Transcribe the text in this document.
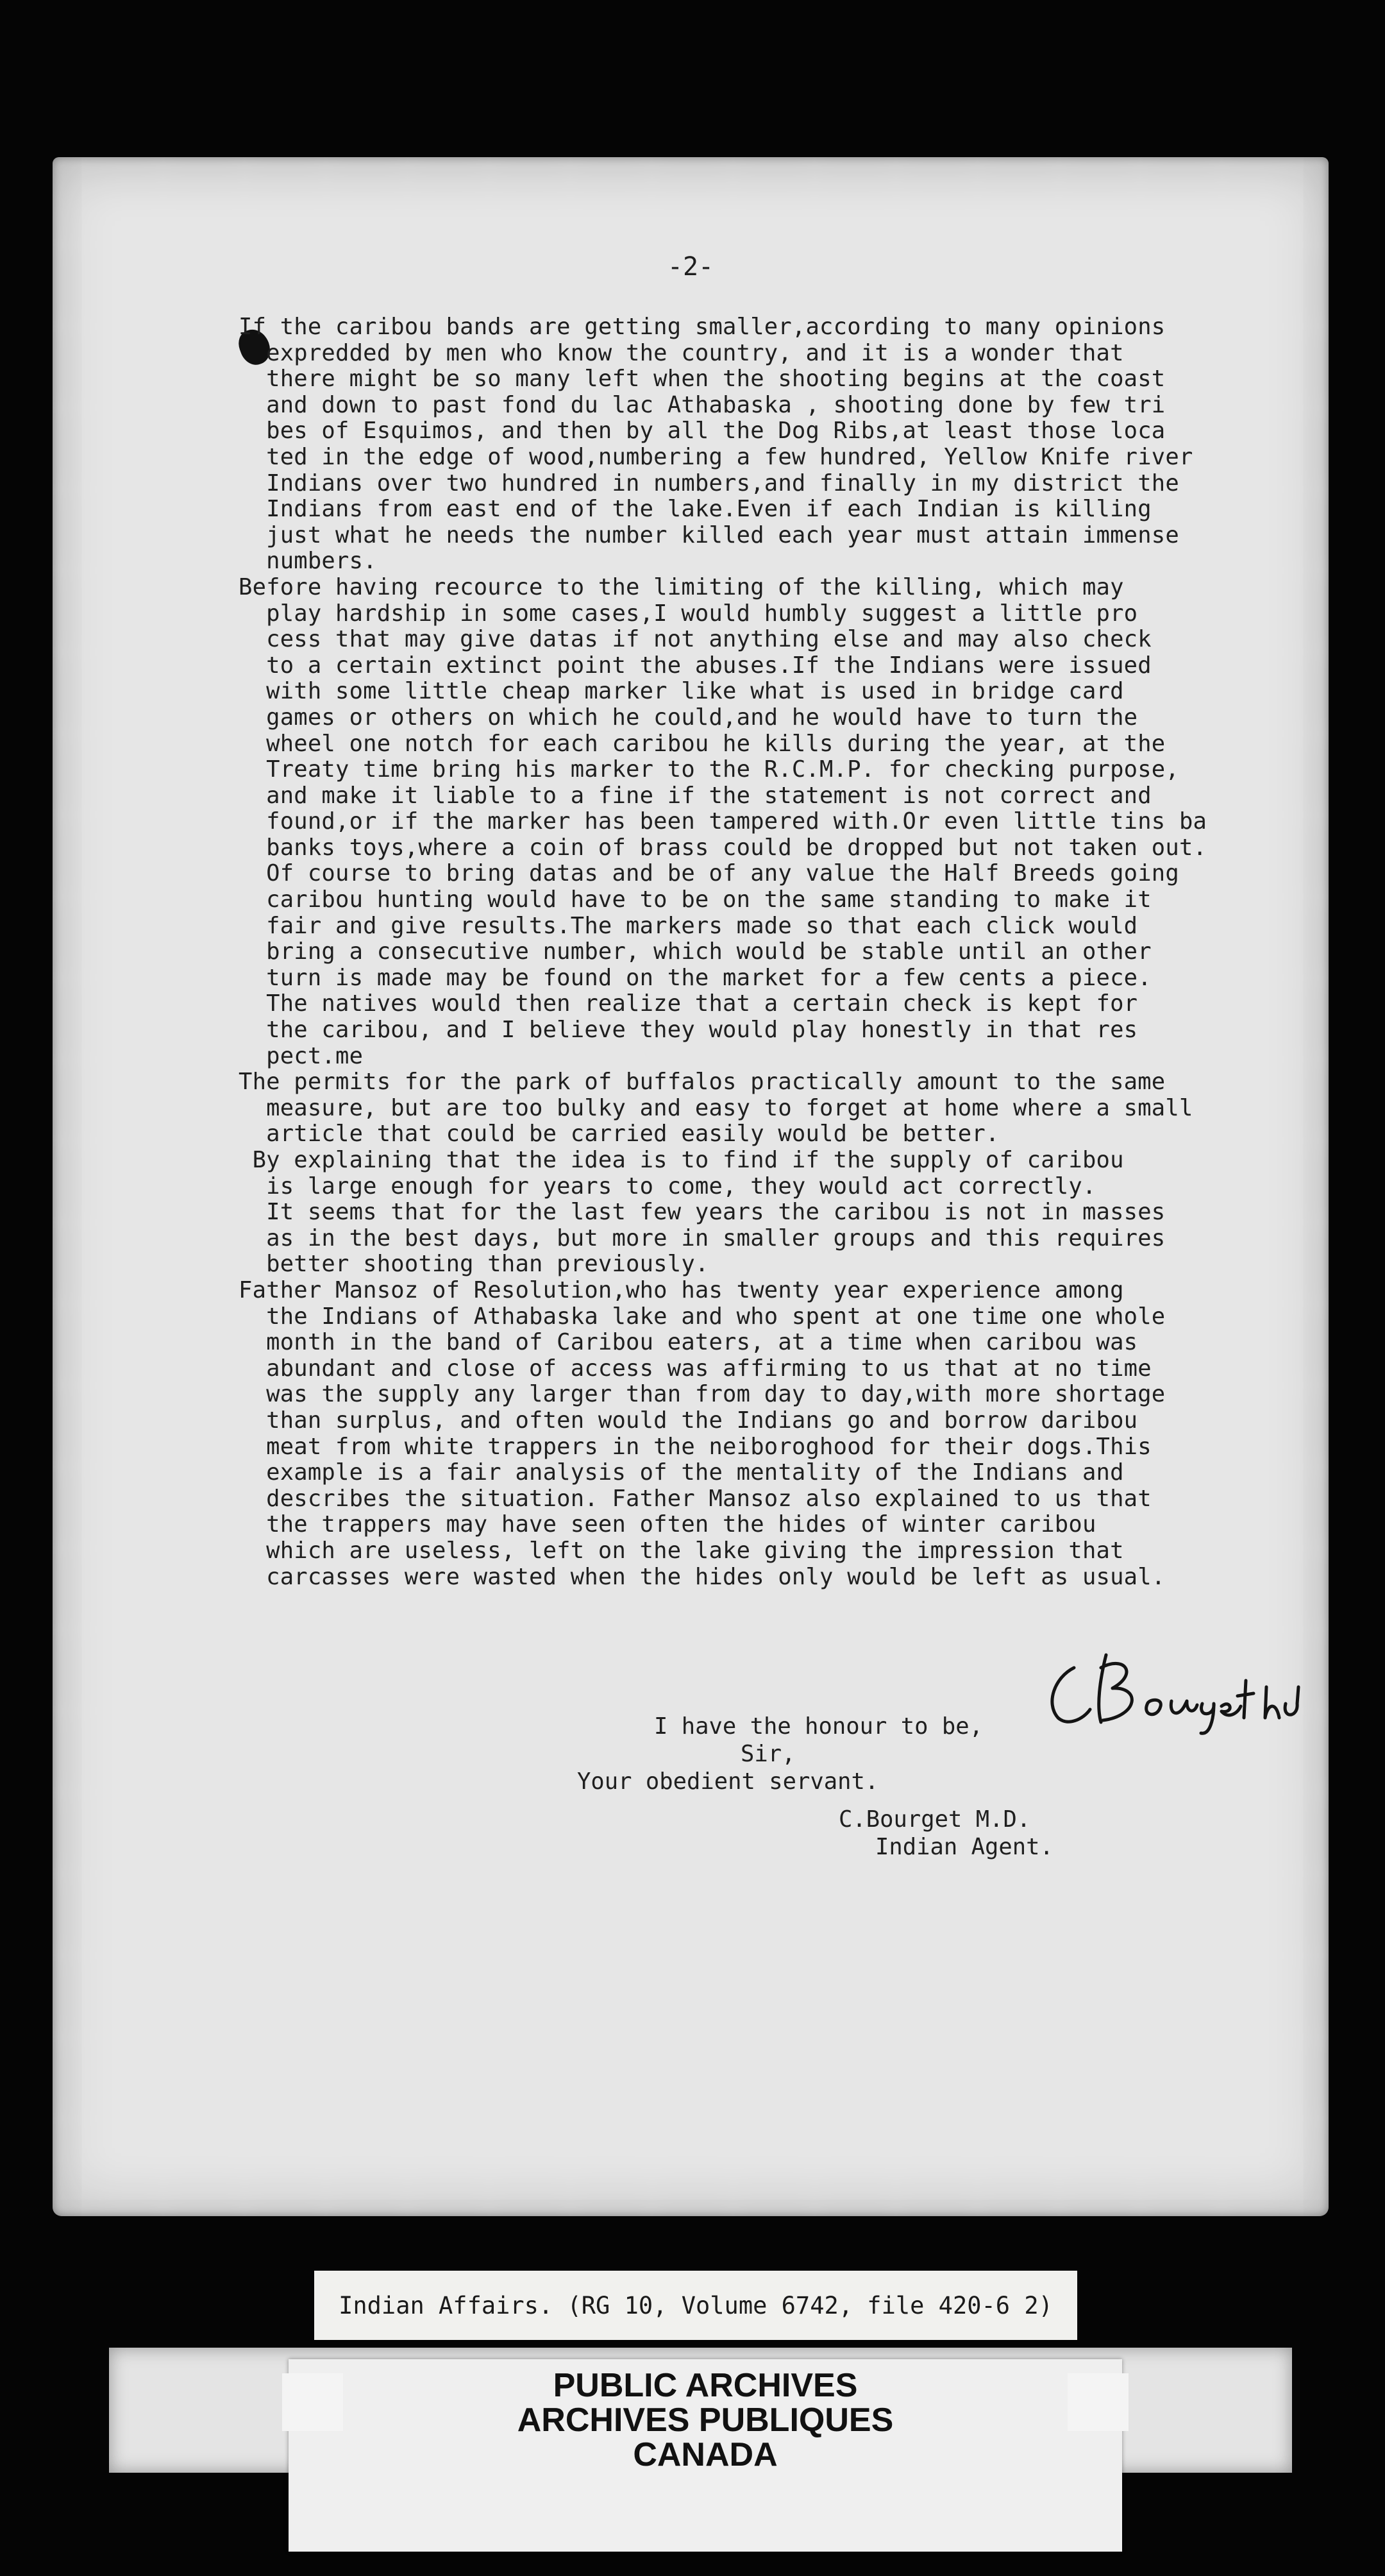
-2-

If the caribou bands are getting smaller,according to many opinions

expredded by men who know the country, and it is a wonder that

there might be so many left when the shooting begins at the coast

and down to past fond du lac Athabaska , shooting done by few tri

bes of Esquimos, and then by all the Dog Ribs,at least those loca

ted in the edge of wood,numbering a few hundred, Yellow Knife river

Indians over two hundred in numbers,and finally in my district the

Indians from east end of the lake.Even if each Indian is killing

just what he needs the number killed each year must attain immense

numbers.

Before having recource to the limiting of the killing, which may

play hardship in some cases,I would humbly suggest a little pro

cess that may give datas if not anything else and may also check

to a certain extinct point the abuses.If the Indians were issued

with some little cheap marker like what is used in bridge card

games or others on which he could,and he would have to turn the

wheel one notch for each caribou he kills during the year, at the

Treaty time bring his marker to the R.C.M.P. for checking purpose,

and make it liable to a fine if the statement is not correct and

found,or if the marker has been tampered with.Or even little tins ba

banks toys,where a coin of brass could be dropped but not taken out.

Of course to bring datas and be of any value the Half Breeds going

caribou hunting would have to be on the same standing to make it

fair and give results.The markers made so that each click would

bring a consecutive number, which would be stable until an other

turn is made may be found on the market for a few cents a piece.

The natives would then realize that a certain check is kept for

the caribou, and I believe they would play honestly in that res

pect.me

The permits for the park of buffalos practically amount to the same

measure, but are too bulky and easy to forget at home where a small

article that could be carried easily would be better.

By explaining that the idea is to find if the supply of caribou

is large enough for years to come, they would act correctly.

It seems that for the last few years the caribou is not in masses

as in the best days, but more in smaller groups and this requires

better shooting than previously.

Father Mansoz of Resolution,who has twenty year experience among

the Indians of Athabaska lake and who spent at one time one whole

month in the band of Caribou eaters, at a time when caribou was

abundant and close of access was affirming to us that at no time

was the supply any larger than from day to day,with more shortage

than surplus, and often would the Indians go and borrow daribou

meat from white trappers in the neiboroghood for their dogs.This

example is a fair analysis of the mentality of the Indians and

describes the situation. Father Mansoz also explained to us that

the trappers may have seen often the hides of winter caribou

which are useless, left on the lake giving the impression that

carcasses were wasted when the hides only would be left as usual.

I have the honour to be,
Sir,
Your obedient servant.
C.Bourget M.D.
Indian Agent.
Indian Affairs. (RG 10, Volume 6742, file 420-6 2)
PUBLIC ARCHIVES
ARCHIVES PUBLIQUES
CANADA
